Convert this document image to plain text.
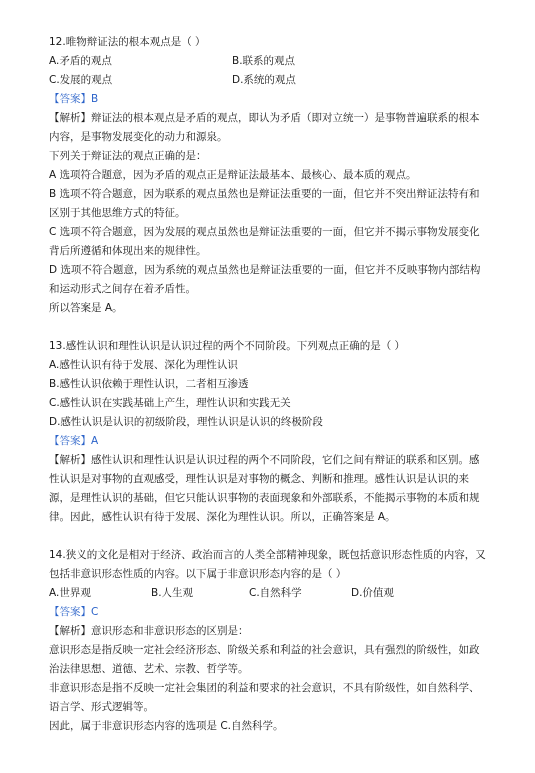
12.唯物辩证法的根本观点是（ ）
A.矛盾的观点	B.联系的观点
C.发展的观点	D.系统的观点
【答案】B
【解析】辩证法的根本观点是矛盾的观点，即认为矛盾（即对立统一）是事物普遍联系的根本内容，是事物发展变化的动力和源泉。
下列关于辩证法的观点正确的是：
A 选项符合题意，因为矛盾的观点正是辩证法最基本、最核心、最本质的观点。
B 选项不符合题意，因为联系的观点虽然也是辩证法重要的一面，但它并不突出辩证法特有和区别于其他思维方式的特征。
C 选项不符合题意，因为发展的观点虽然也是辩证法重要的一面，但它并不揭示事物发展变化背后所遵循和体现出来的规律性。
D 选项不符合题意，因为系统的观点虽然也是辩证法重要的一面，但它并不反映事物内部结构和运动形式之间存在着矛盾性。
所以答案是 A。
13.感性认识和理性认识是认识过程的两个不同阶段。下列观点正确的是（ ）
A.感性认识有待于发展、深化为理性认识
B.感性认识依赖于理性认识，二者相互渗透
C.感性认识在实践基础上产生，理性认识和实践无关
D.感性认识是认识的初级阶段，理性认识是认识的终极阶段
【答案】A
【解析】感性认识和理性认识是认识过程的两个不同阶段，它们之间有辩证的联系和区别。感性认识是对事物的直观感受，理性认识是对事物的概念、判断和推理。感性认识是认识的来源，是理性认识的基础，但它只能认识事物的表面现象和外部联系，不能揭示事物的本质和规律。因此，感性认识有待于发展、深化为理性认识。所以，正确答案是 A。
14.狭义的文化是相对于经济、政治而言的人类全部精神现象，既包括意识形态性质的内容，又包括非意识形态性质的内容。以下属于非意识形态内容的是（ ）
A.世界观	B.人生观	C.自然科学	D.价值观
【答案】C
【解析】意识形态和非意识形态的区别是：
意识形态是指反映一定社会经济形态、阶级关系和利益的社会意识，具有强烈的阶级性，如政治法律思想、道德、艺术、宗教、哲学等。
非意识形态是指不反映一定社会集团的利益和要求的社会意识，不具有阶级性，如自然科学、语言学、形式逻辑等。
因此，属于非意识形态内容的选项是 C.自然科学。
